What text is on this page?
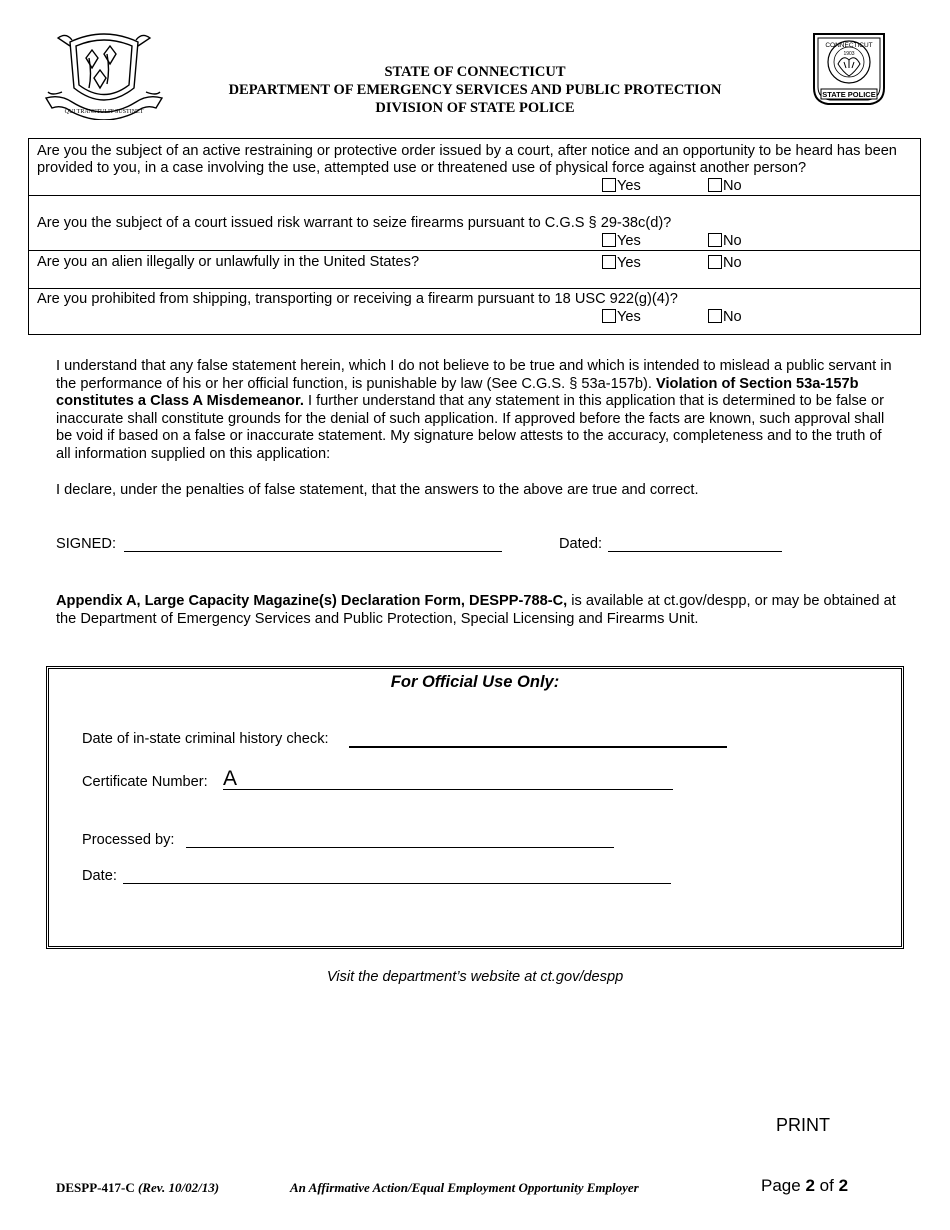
QUI TRANSTULIT SUSTINET
STATE OF CONNECTICUT
DEPARTMENT OF EMERGENCY SERVICES AND PUBLIC PROTECTION
DIVISION OF STATE POLICE
CONNECTICUT
1903
STATE POLICE
Are you the subject of an active restraining or protective order issued by a court, after notice and an opportunity to be heard has been provided to you, in a case involving the use, attempted use or threatened use of physical force against another person?
Yes	No
Are you the subject of a court issued risk warrant to seize firearms pursuant to C.G.S § 29-38c(d)?
Yes	No
Are you an alien illegally or unlawfully in the United States?	Yes	No
Are you prohibited from shipping, transporting or receiving a firearm pursuant to 18 USC 922(g)(4)?
Yes	No
I understand that any false statement herein, which I do not believe to be true and which is intended to mislead a public servant in the performance of his or her official function, is punishable by law (See C.G.S. § 53a-157b). Violation of Section 53a-157b constitutes a Class A Misdemeanor. I further understand that any statement in this application that is determined to be false or inaccurate shall constitute grounds for the denial of such application. If approved before the facts are known, such approval shall be void if based on a false or inaccurate statement. My signature below attests to the accuracy, completeness and to the truth of all information supplied on this application:
I declare, under the penalties of false statement, that the answers to the above are true and correct.
SIGNED:	Dated:
Appendix A, Large Capacity Magazine(s) Declaration Form, DESPP-788-C, is available at ct.gov/despp, or may be obtained at the Department of Emergency Services and Public Protection, Special Licensing and Firearms Unit.
For Official Use Only:
Date of in-state criminal history check:
Certificate Number: A
Processed by:
Date:
Visit the department’s website at ct.gov/despp
PRINT
DESPP-417-C (Rev. 10/02/13)	An Affirmative Action/Equal Employment Opportunity Employer	Page 2 of 2
